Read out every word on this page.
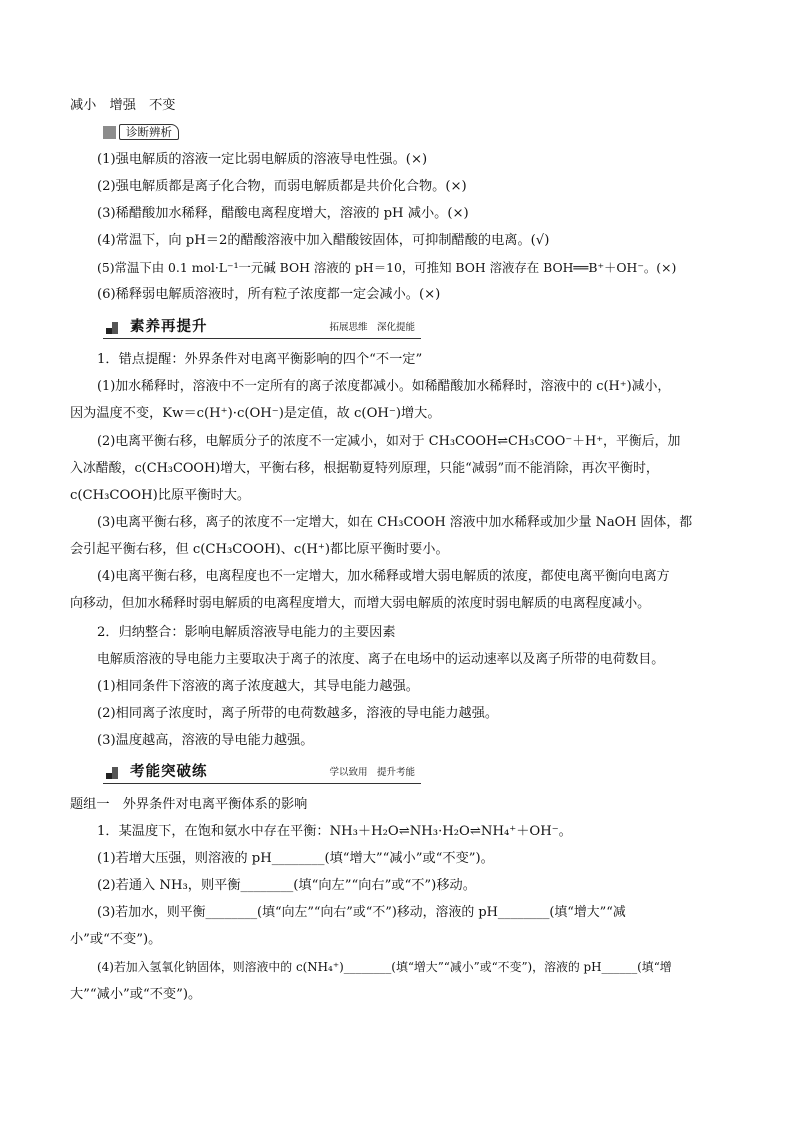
减小　增强　不变
诊断辨析
(1)强电解质的溶液一定比弱电解质的溶液导电性强。(×)
(2)强电解质都是离子化合物，而弱电解质都是共价化合物。(×)
(3)稀醋酸加水稀释，醋酸电离程度增大，溶液的 pH 减小。(×)
(4)常温下，向 pH＝2的醋酸溶液中加入醋酸铵固体，可抑制醋酸的电离。(√)
(5)常温下由 0.1 mol·L⁻¹一元碱 BOH 溶液的 pH＝10，可推知 BOH 溶液存在 BOH══B⁺＋OH⁻。(×)
(6)稀释弱电解质溶液时，所有粒子浓度都一定会减小。(×)
素养再提升	拓展思维　深化提能
1．错点提醒：外界条件对电离平衡影响的四个“不一定”
(1)加水稀释时，溶液中不一定所有的离子浓度都减小。如稀醋酸加水稀释时，溶液中的 c(H⁺)减小，
因为温度不变，Kw＝c(H⁺)·c(OH⁻)是定值，故 c(OH⁻)增大。
(2)电离平衡右移，电解质分子的浓度不一定减小，如对于 CH₃COOH⇌CH₃COO⁻＋H⁺，平衡后，加
入冰醋酸，c(CH₃COOH)增大，平衡右移，根据勒夏特列原理，只能“减弱”而不能消除，再次平衡时，
c(CH₃COOH)比原平衡时大。
(3)电离平衡右移，离子的浓度不一定增大，如在 CH₃COOH 溶液中加水稀释或加少量 NaOH 固体，都
会引起平衡右移，但 c(CH₃COOH)、c(H⁺)都比原平衡时要小。
(4)电离平衡右移，电离程度也不一定增大，加水稀释或增大弱电解质的浓度，都使电离平衡向电离方
向移动，但加水稀释时弱电解质的电离程度增大，而增大弱电解质的浓度时弱电解质的电离程度减小。
2．归纳整合：影响电解质溶液导电能力的主要因素
电解质溶液的导电能力主要取决于离子的浓度、离子在电场中的运动速率以及离子所带的电荷数目。
(1)相同条件下溶液的离子浓度越大，其导电能力越强。
(2)相同离子浓度时，离子所带的电荷数越多，溶液的导电能力越强。
(3)温度越高，溶液的导电能力越强。
考能突破练	学以致用　提升考能
题组一　外界条件对电离平衡体系的影响
1．某温度下，在饱和氨水中存在平衡：NH₃＋H₂O⇌NH₃·H₂O⇌NH₄⁺＋OH⁻。
(1)若增大压强，则溶液的 pH________(填“增大”“减小”或“不变”)。
(2)若通入 NH₃，则平衡________(填“向左”“向右”或“不”)移动。
(3)若加水，则平衡________(填“向左”“向右”或“不”)移动，溶液的 pH________(填“增大”“减
小”或“不变”)。
(4)若加入氢氧化钠固体，则溶液中的 c(NH₄⁺)________(填“增大”“减小”或“不变”)，溶液的 pH______(填“增
大”“减小”或“不变”)。
